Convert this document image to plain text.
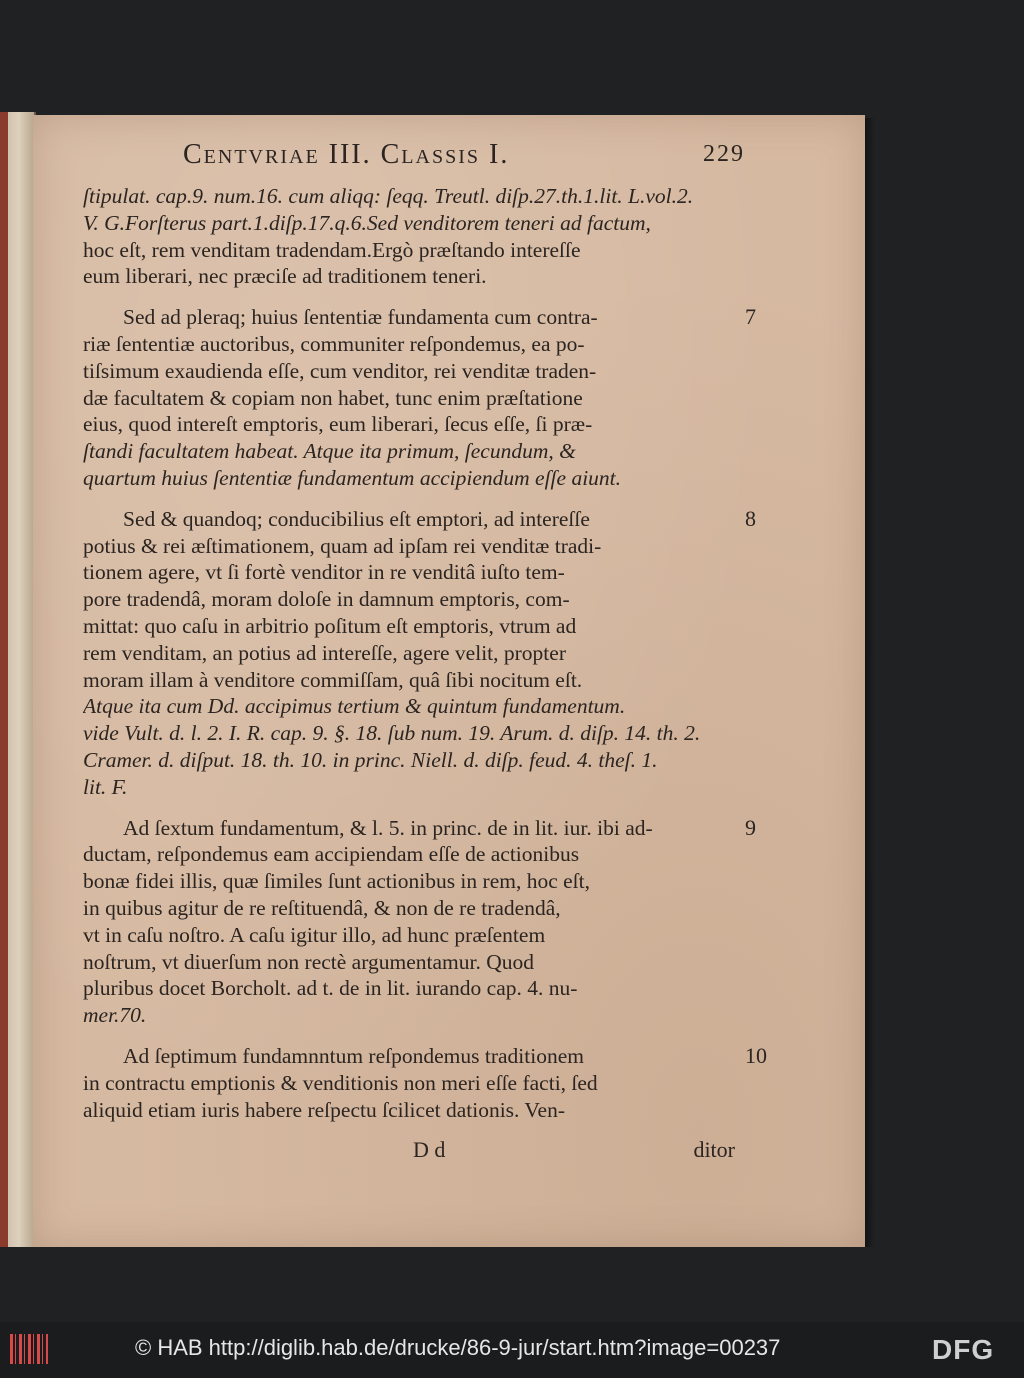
Centvriae III. Classis I.	229
ſtipulat. cap.9. num.16. cum aliqq: ſeqq. Treutl. diſp.27.th.1.lit. L.vol.2.
V. G.Forſterus part.1.diſp.17.q.6.Sed venditorem teneri ad factum,
hoc eſt, rem venditam tradendam.Ergò præſtando intereſſe
eum liberari, nec præciſe ad traditionem teneri.
7
Sed ad pleraq; huius ſententiæ fundamenta cum contra-
riæ ſententiæ auctoribus, communiter reſpondemus, ea po-
tiſsimum exaudienda eſſe, cum venditor, rei venditæ traden-
dæ facultatem & copiam non habet, tunc enim præſtatione
eius, quod intereſt emptoris, eum liberari, ſecus eſſe, ſi præ-
ſtandi facultatem habeat. Atque ita primum, ſecundum, &
quartum huius ſententiæ fundamentum accipiendum eſſe aiunt.
8
Sed & quandoq; conducibilius eſt emptori, ad intereſſe
potius & rei æſtimationem, quam ad ipſam rei venditæ tradi-
tionem agere, vt ſi fortè venditor in re venditâ iuſto tem-
pore tradendâ, moram doloſe in damnum emptoris, com-
mittat: quo caſu in arbitrio poſitum eſt emptoris, vtrum ad
rem venditam, an potius ad intereſſe, agere velit, propter
moram illam à venditore commiſſam, quâ ſibi nocitum eſt.
Atque ita cum Dd. accipimus tertium & quintum fundamentum.
vide Vult. d. l. 2. I. R. cap. 9. §. 18. ſub num. 19. Arum. d. diſp. 14. th. 2.
Cramer. d. diſput. 18. th. 10. in princ. Niell. d. diſp. feud. 4. theſ. 1.
lit. F.
9
Ad ſextum fundamentum, & l. 5. in princ. de in lit. iur. ibi ad-
ductam, reſpondemus eam accipiendam eſſe de actionibus
bonæ fidei illis, quæ ſimiles ſunt actionibus in rem, hoc eſt,
in quibus agitur de re reſtituendâ, & non de re tradendâ,
vt in caſu noſtro. A caſu igitur illo, ad hunc præſentem
noſtrum, vt diuerſum non rectè argumentamur. Quod
pluribus docet Borcholt. ad t. de in lit. iurando cap. 4. nu-
mer.70.
10
Ad ſeptimum fundamnntum reſpondemus traditionem
in contractu emptionis & venditionis non meri eſſe facti, ſed
aliquid etiam iuris habere reſpectu ſcilicet dationis. Ven-
D d	ditor
© HAB http://diglib.hab.de/drucke/86-9-jur/start.htm?image=00237	DFG
